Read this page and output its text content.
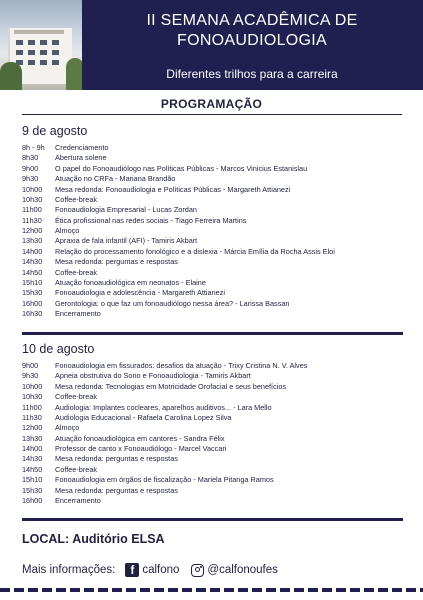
II SEMANA ACADÊMICA DE
FONOAUDIOLOGIA
Diferentes trilhos para a carreira
PROGRAMAÇÃO
9 de agosto
8h - 9h Credenciamento
8h30 Abertura solene
9h00 O papel do Fonoaudiólogo nas Políticas Públicas - Marcos Vinicius Estanislau
9h30 Atuação no CRFa - Mariana Brandão
10h00 Mesa redonda: Fonoaudiologia e Políticas Públicas - Margareth Attianezi
10h30 Coffee-break
11h00 Fonoaudiologia Empresarial - Lucas Zordan
11h30 Ética profissional nas redes sociais - Tiago Ferreira Martins
12h00 Almoço
13h30 Apraxia de fala infantil (AFI) - Tamiris Akbart
14h00 Relação do processamento fonológico e a dislexia - Márcia Emília da Rocha Assis Eloi
14h30 Mesa redonda: perguntas e respostas
14h50 Coffee-break
15h10 Atuação fonoaudiológica em neonatos - Elaine
15h30 Fonoaudiologia e adolescência - Margareth Attianezi
16h00 Gerontologia: o que faz um fonoaudiólogo nessa área? - Larissa Bassan
16h30 Encerramento
10 de agosto
9h00 Fonoaudiologia em fissurados: desafios da atuação - Trixy Cristina N. V. Alves
9h30 Apneia obstrutiva do Sono e Fonoaudiologia - Tamiris Akbart
10h00 Mesa redonda: Tecnologias em Motricidade Orofacial e seus benefícios
10h30 Coffee-break
11h00 Audiologia: Implantes cocleares, aparelhos auditivos... - Lara Mello
11h30 Audiologia Educacional - Rafaela Carolina Lopez Silva
12h00 Almoço
13h30 Atuação fonoaudiológica em cantores - Sandra Félix
14h00 Professor de canto x Fonoaudiólogo - Marcel Vaccari
14h30 Mesa redonda: perguntas e respostas
14h50 Coffee-break
15h10 Fonoaudiologia em órgãos de fiscalização - Mariela Pitanga Ramos
15h30 Mesa redonda: perguntas e respostas
16h00 Encerramento
LOCAL: Auditório ELSA
Mais informações:	f calfono @calfonoufes
